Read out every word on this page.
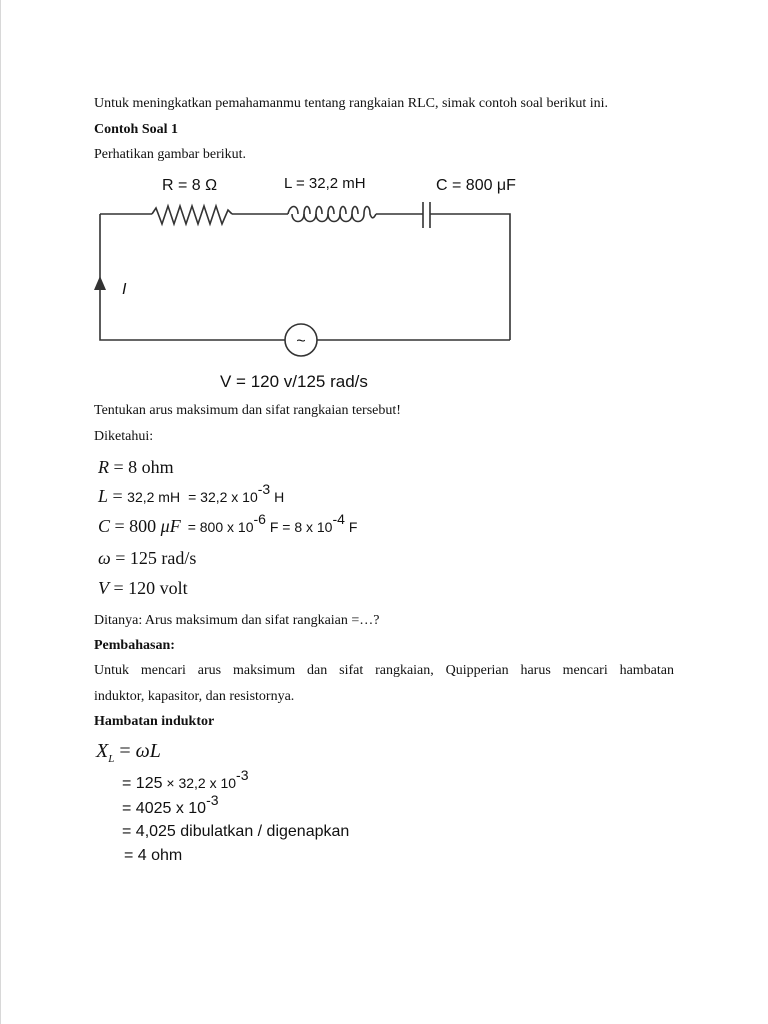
Untuk meningkatkan pemahamanmu tentang rangkaian RLC, simak contoh soal berikut ini.
Contoh Soal 1
Perhatikan gambar berikut.
I
~
R = 8 Ω	L = 32,2 mH	C = 800 μF
V = 120 v/125 rad/s
Tentukan arus maksimum dan sifat rangkaian tersebut!
Diketahui:
R = 8 ohm
L = 32,2 mH = 32,2 x $10^{-3}$ H
C = 800 μF = 800 x $10^{-6}$ F = 8 x $10^{-4}$ F
ω = 125 rad/s
V = 120 volt
Ditanya: Arus maksimum dan sifat rangkaian =…?
Pembahasan:
Untuk mencari arus maksimum dan sifat rangkaian, Quipperian harus mencari hambatan
induktor, kapasitor, dan resistornya.
Hambatan induktor
$X_L = \omega L$
= 125 × 32,2 x $10^{-3}$
= 4025 x $10^{-3}$
= 4,025 dibulatkan / digenapkan
= 4 ohm
